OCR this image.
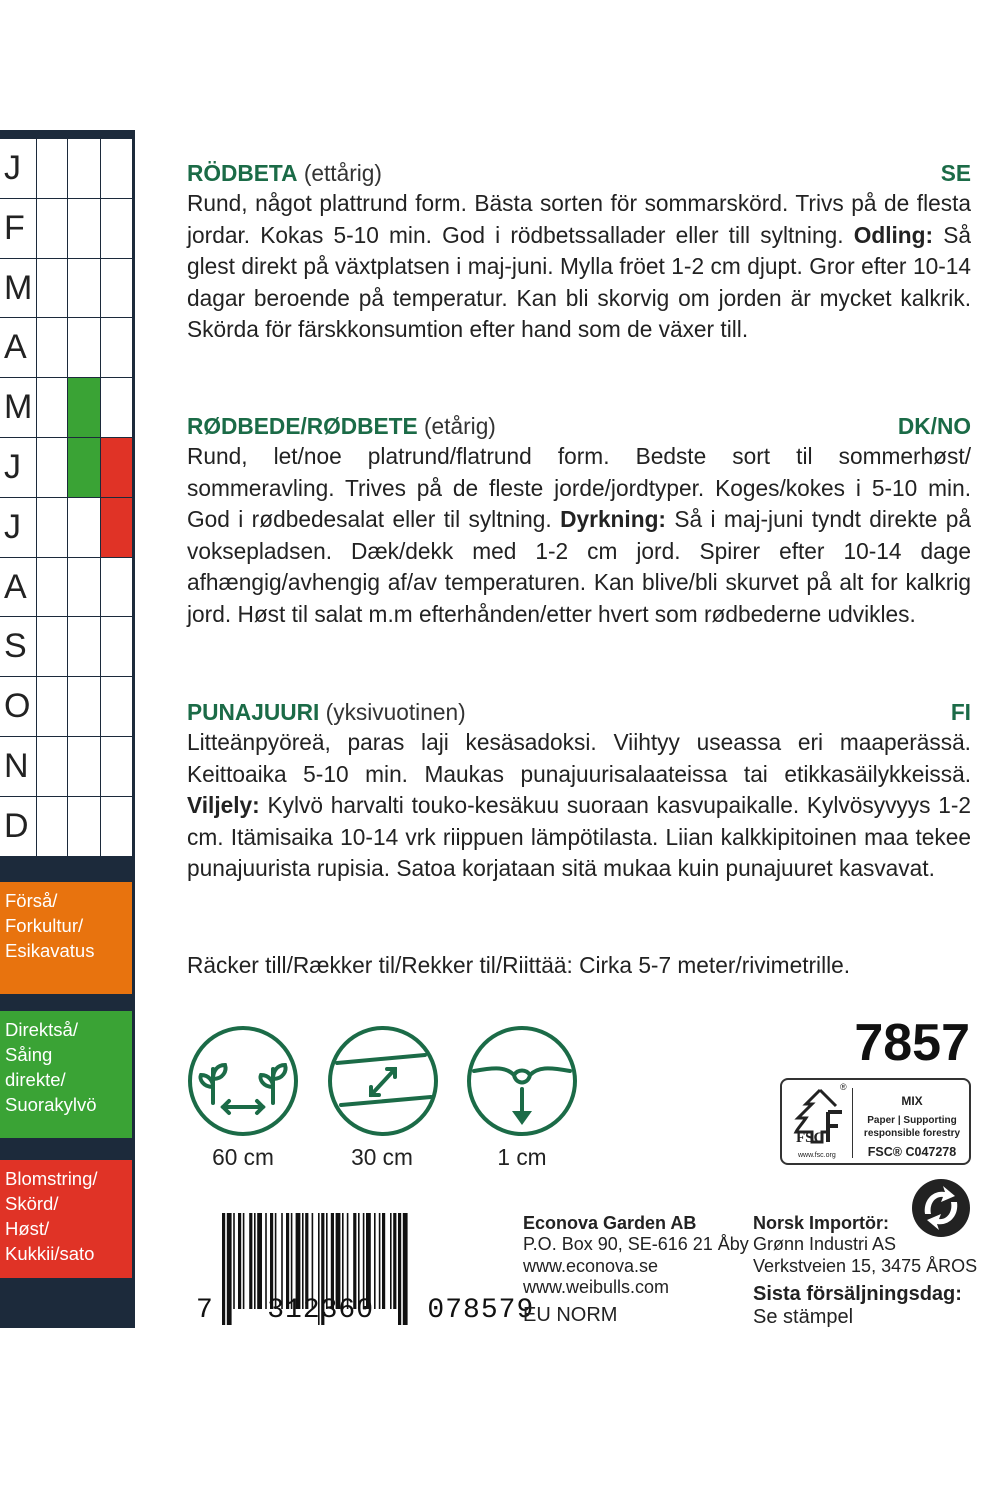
J
F
M
A
M
J
J
A
S
O
N
D
Förså/
Forkultur/
Esikavatus
Direktså/
Såing
direkte/
Suorakylvö
Blomstring/
Skörd/
Høst/
Kukkii/sato
RÖDBETA (ettårig)	SE
Rund, något plattrund form. Bästa sorten för sommarskörd. Trivs på de flesta jordar. Kokas 5-10 min. God i rödbetssallader eller till syltning. Odling: Så glest direkt på växtplatsen i maj-juni. Mylla fröet 1-2 cm djupt. Gror efter 10-14 dagar beroende på temperatur. Kan bli skorvig om jorden är mycket kalkrik. Skörda för färskkonsumtion efter hand som de växer till.
RØDBEDE/RØDBETE (etårig)	DK/NO
Rund, let/noe platrund/flatrund form. Bedste sort til sommerhøst/ sommeravling. Trives på de fleste jorde/jordtyper. Koges/kokes i 5-10 min. God i rødbedesalat eller til syltning. Dyrkning: Så i maj-juni tyndt direkte på voksepladsen. Dæk/dekk med 1-2 cm jord. Spirer efter 10-14 dage afhængig/avhengig af/av temperaturen. Kan blive/bli skurvet på alt for kalkrig jord. Høst til salat m.m efterhånden/etter hvert som rødbederne udvikles.
PUNAJUURI (yksivuotinen)	FI
Litteänpyöreä, paras laji kesäsadoksi. Viihtyy useassa eri maaperässä. Keittoaika 5-10 min. Maukas punajuurisalaateissa tai etikkasäilykkeissä. Viljely: Kylvö harvalti touko-kesäkuu suoraan kasvupaikalle. Kylvösyvyys 1-2 cm. Itämisaika 10-14 vrk riippuen lämpötilasta. Liian kalkkipitoinen maa tekee punajuurista rupisia. Satoa korjataan sitä mukaa kuin punajuuret kasvavat.
Räcker till/Rækker til/Rekker til/Riittää: Cirka 5-7 meter/rivimetrille.
60 cm	30 cm	1 cm
7857
®
FSC
www.fsc.org
MIX
Paper | Supporting
responsible forestry
FSC® C047278
7   312360   078579
Econova Garden AB
P.O. Box 90, SE-616 21 Åby
www.econova.se
www.weibulls.com
EU NORM
Norsk Importör:
Grønn Industri AS
Verkstveien 15, 3475 ÅROS
Sista försäljningsdag:
Se stämpel
